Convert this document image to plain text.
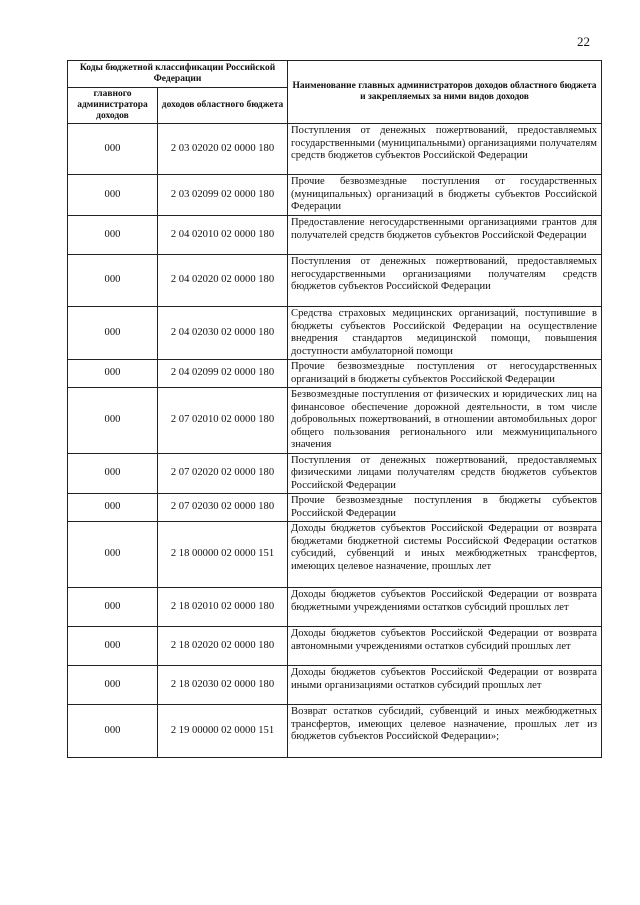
22
Коды бюджетной классификации Российской Федерации		Наименование главных администраторов доходов областного бюджета и закрепляемых за ними видов доходов
главного администратора доходов	доходов областного бюджета	
000	2 03 02020 02 0000 180	Поступления от денежных пожертвований, предоставляемых государственными (муниципальными) организациями получателям средств бюджетов субъектов Российской Федерации
000	2 03 02099 02 0000 180	Прочие безвозмездные поступления от государственных (муниципальных) организаций в бюджеты субъектов Российской Федерации
000	2 04 02010 02 0000 180	Предоставление негосударственными организациями грантов для получателей средств бюджетов субъектов Российской Федерации
000	2 04 02020 02 0000 180	Поступления от денежных пожертвований, предоставляемых негосударственными организациями получателям средств бюджетов субъектов Российской Федерации
000	2 04 02030 02 0000 180	Средства страховых медицинских организаций, поступившие в бюджеты субъектов Российской Федерации на осуществление внедрения стандартов медицинской помощи, повышения доступности амбулаторной помощи
000	2 04 02099 02 0000 180	Прочие безвозмездные поступления от негосударственных организаций в бюджеты субъектов Российской Федерации
000	2 07 02010 02 0000 180	Безвозмездные поступления от физических и юридических лиц на финансовое обеспечение дорожной деятельности, в том числе добровольных пожертвований, в отношении автомобильных дорог общего пользования регионального или межмуниципального значения
000	2 07 02020 02 0000 180	Поступления от денежных пожертвований, предоставляемых физическими лицами получателям средств бюджетов субъектов Российской Федерации
000	2 07 02030 02 0000 180	Прочие безвозмездные поступления в бюджеты субъектов Российской Федерации
000	2 18 00000 02 0000 151	Доходы бюджетов субъектов Российской Федерации от возврата бюджетами бюджетной системы Российской Федерации остатков субсидий, субвенций и иных межбюджетных трансфертов, имеющих целевое назначение, прошлых лет
000	2 18 02010 02 0000 180	Доходы бюджетов субъектов Российской Федерации от возврата бюджетными учреждениями остатков субсидий прошлых лет
000	2 18 02020 02 0000 180	Доходы бюджетов субъектов Российской Федерации от возврата автономными учреждениями остатков субсидий прошлых лет
000	2 18 02030 02 0000 180	Доходы бюджетов субъектов Российской Федерации от возврата иными организациями остатков субсидий прошлых лет
000	2 19 00000 02 0000 151	Возврат остатков субсидий, субвенций и иных межбюджетных трансфертов, имеющих целевое назначение, прошлых лет из бюджетов субъектов Российской Федерации»;
